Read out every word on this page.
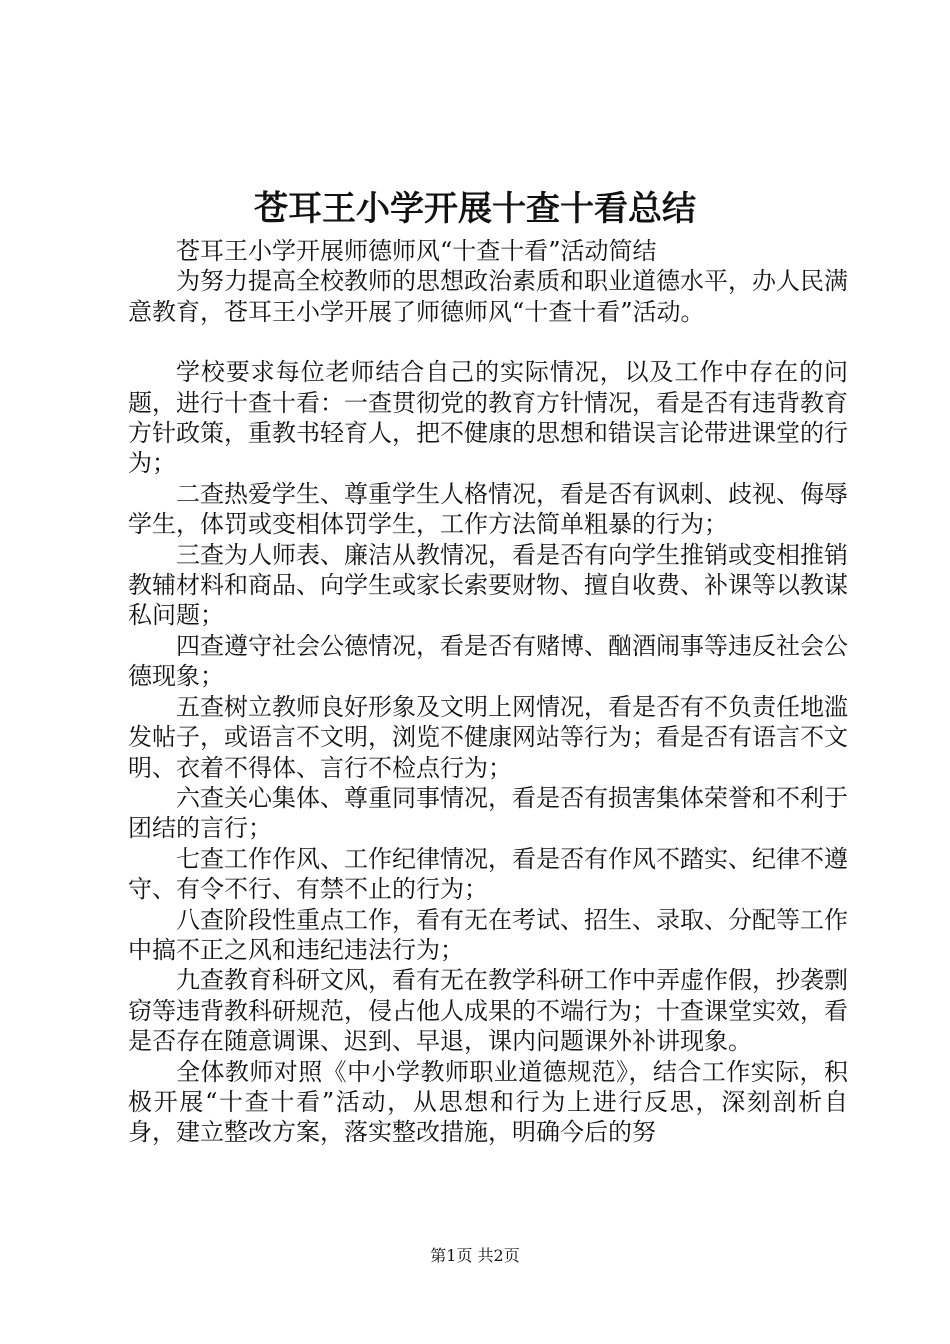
苍耳王小学开展十查十看总结

苍耳王小学开展师德师风“十查十看”活动简结

为努力提高全校教师的思想政治素质和职业道德水平，办人民满意教育，苍耳王小学开展了师德师风“十查十看”活动。

学校要求每位老师结合自己的实际情况，以及工作中存在的问题，进行十查十看：一查贯彻党的教育方针情况，看是否有违背教育方针政策，重教书轻育人，把不健康的思想和错误言论带进课堂的行为；

二查热爱学生、尊重学生人格情况，看是否有讽刺、歧视、侮辱学生，体罚或变相体罚学生，工作方法简单粗暴的行为；

三查为人师表、廉洁从教情况，看是否有向学生推销或变相推销教辅材料和商品、向学生或家长索要财物、擅自收费、补课等以教谋私问题；

四查遵守社会公德情况，看是否有赌博、酗酒闹事等违反社会公德现象；

五查树立教师良好形象及文明上网情况，看是否有不负责任地滥发帖子，或语言不文明，浏览不健康网站等行为；看是否有语言不文明、衣着不得体、言行不检点行为；

六查关心集体、尊重同事情况，看是否有损害集体荣誉和不利于团结的言行；

七查工作作风、工作纪律情况，看是否有作风不踏实、纪律不遵守、有令不行、有禁不止的行为；

八查阶段性重点工作，看有无在考试、招生、录取、分配等工作中搞不正之风和违纪违法行为；

九查教育科研文风，看有无在教学科研工作中弄虚作假，抄袭剽窃等违背教科研规范，侵占他人成果的不端行为；十查课堂实效，看是否存在随意调课、迟到、早退，课内问题课外补讲现象。

全体教师对照《中小学教师职业道德规范》，结合工作实际，积极开展“十查十看”活动，从思想和行为上进行反思，深刻剖析自身，建立整改方案，落实整改措施，明确今后的努

第1页 共2页
